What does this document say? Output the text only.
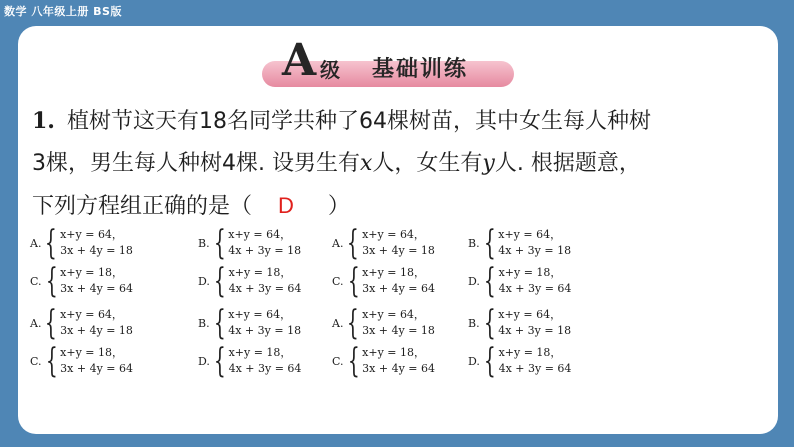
数学 八年级上册 BS版
A 级 基础训练
1. 植树节这天有18名同学共种了64棵树苗，其中女生每人种树
3棵，男生每人种树4棵. 设男生有x人，女生有y人. 根据题意，
下列方程组正确的是（ D ）
A. { x+y = 64，
3x + 4y = 18
B. { x+y = 64，
4x + 3y = 18
A. { x+y = 64，
3x + 4y = 18
B. { x+y = 64，
4x + 3y = 18
C. { x+y = 18，
3x + 4y = 64
D. { x+y = 18，
4x + 3y = 64
C. { x+y = 18，
3x + 4y = 64
D. { x+y = 18，
4x + 3y = 64
A. { x+y = 64，
3x + 4y = 18
B. { x+y = 64，
4x + 3y = 18
A. { x+y = 64，
3x + 4y = 18
B. { x+y = 64，
4x + 3y = 18
C. { x+y = 18，
3x + 4y = 64
D. { x+y = 18，
4x + 3y = 64
C. { x+y = 18，
3x + 4y = 64
D. { x+y = 18，
4x + 3y = 64
